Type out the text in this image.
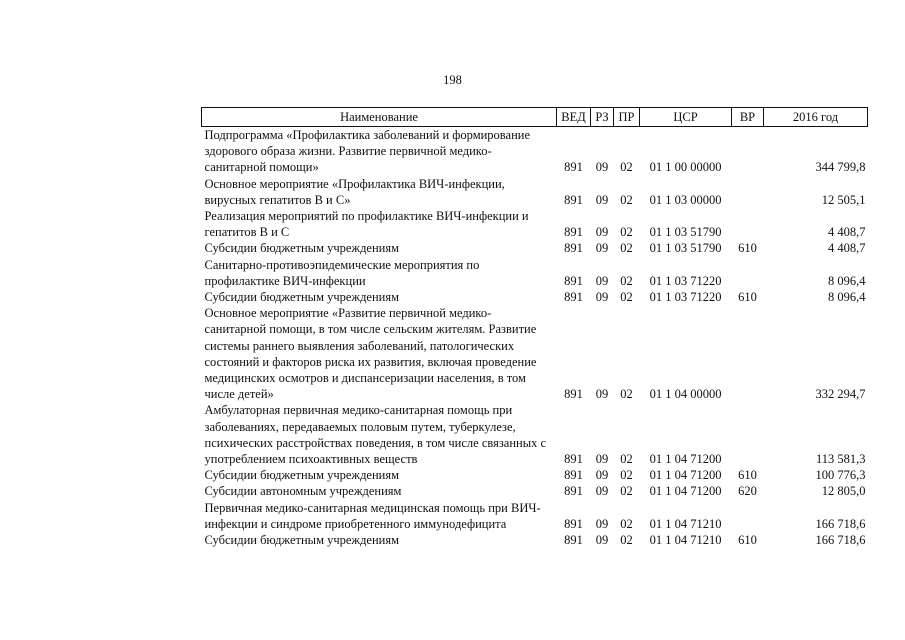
198
Наименование	ВЕД	РЗ	ПР	ЦСР	ВР	2016 год
Подпрограмма «Профилактика заболеваний и формирование здорового образа жизни. Развитие первичной медико-санитарной помощи»	891	09	02	01 1 00 00000		344 799,8
Основное мероприятие «Профилактика ВИЧ-инфекции, вирусных гепатитов В и С»	891	09	02	01 1 03 00000		12 505,1
Реализация мероприятий по профилактике ВИЧ-инфекции и гепатитов В и С	891	09	02	01 1 03 51790		4 408,7
Субсидии бюджетным учреждениям	891	09	02	01 1 03 51790	610	4 408,7
Санитарно-противоэпидемические мероприятия по профилактике ВИЧ-инфекции	891	09	02	01 1 03 71220		8 096,4
Субсидии бюджетным учреждениям	891	09	02	01 1 03 71220	610	8 096,4
Основное мероприятие «Развитие первичной медико-санитарной помощи, в том числе сельским жителям. Развитие системы раннего выявления заболеваний, патологических состояний и факторов риска их развития, включая проведение медицинских осмотров и диспансеризации населения, в том числе детей»	891	09	02	01 1 04 00000		332 294,7
Амбулаторная первичная медико-санитарная помощь при заболеваниях, передаваемых половым путем, туберкулезе, психических расстройствах поведения, в том числе связанных с употреблением психоактивных веществ	891	09	02	01 1 04 71200		113 581,3
Субсидии бюджетным учреждениям	891	09	02	01 1 04 71200	610	100 776,3
Субсидии автономным учреждениям	891	09	02	01 1 04 71200	620	12 805,0
Первичная медико-санитарная медицинская помощь при ВИЧ-инфекции и синдроме приобретенного иммунодефицита	891	09	02	01 1 04 71210		166 718,6
Субсидии бюджетным учреждениям	891	09	02	01 1 04 71210	610	166 718,6
